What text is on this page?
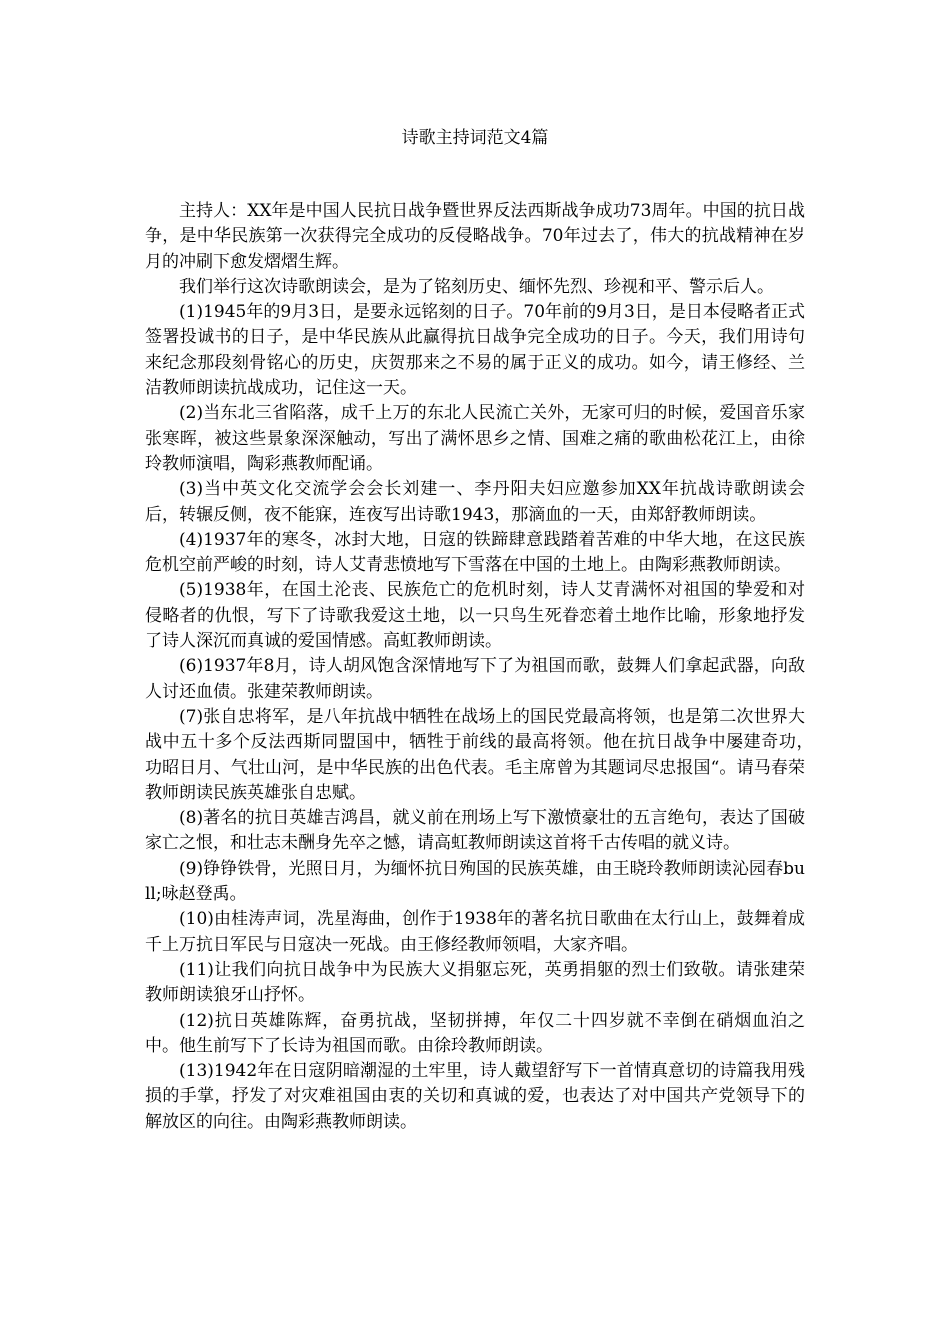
诗歌主持词范文4篇

主持人：XX年是中国人民抗日战争暨世界反法西斯战争成功73周年。中国的抗日战争，是中华民族第一次获得完全成功的反侵略战争。70年过去了，伟大的抗战精神在岁月的冲刷下愈发熠熠生辉。

我们举行这次诗歌朗读会，是为了铭刻历史、缅怀先烈、珍视和平、警示后人。

(1)1945年的9月3日，是要永远铭刻的日子。70年前的9月3日，是日本侵略者正式签署投诚书的日子，是中华民族从此赢得抗日战争完全成功的日子。今天，我们用诗句来纪念那段刻骨铭心的历史，庆贺那来之不易的属于正义的成功。如今，请王修经、兰洁教师朗读抗战成功，记住这一天。

(2)当东北三省陷落，成千上万的东北人民流亡关外，无家可归的时候，爱国音乐家张寒晖，被这些景象深深触动，写出了满怀思乡之情、国难之痛的歌曲松花江上，由徐玲教师演唱，陶彩燕教师配诵。

(3)当中英文化交流学会会长刘建一、李丹阳夫妇应邀参加XX年抗战诗歌朗读会后，转辗反侧，夜不能寐，连夜写出诗歌1943，那滴血的一天，由郑舒教师朗读。

(4)1937年的寒冬，冰封大地，日寇的铁蹄肆意践踏着苦难的中华大地，在这民族危机空前严峻的时刻，诗人艾青悲愤地写下雪落在中国的土地上。由陶彩燕教师朗读。

(5)1938年，在国土沦丧、民族危亡的危机时刻，诗人艾青满怀对祖国的挚爱和对侵略者的仇恨，写下了诗歌我爱这土地，以一只鸟生死眷恋着土地作比喻，形象地抒发了诗人深沉而真诚的爱国情感。高虹教师朗读。

(6)1937年8月，诗人胡风饱含深情地写下了为祖国而歌，鼓舞人们拿起武器，向敌人讨还血债。张建荣教师朗读。

(7)张自忠将军，是八年抗战中牺牲在战场上的国民党最高将领，也是第二次世界大战中五十多个反法西斯同盟国中，牺牲于前线的最高将领。他在抗日战争中屡建奇功，　功昭日月、气壮山河，是中华民族的出色代表。毛主席曾为其题词尽忠报国“。请马春荣教师朗读民族英雄张自忠赋。

(8)著名的抗日英雄吉鸿昌，就义前在刑场上写下激愤豪壮的五言绝句，表达了国破家亡之恨，和壮志未酬身先卒之憾，请高虹教师朗读这首将千古传唱的就义诗。

(9)铮铮铁骨，光照日月，为缅怀抗日殉国的民族英雄，由王晓玲教师朗读沁园春bull;咏赵登禹。

(10)由桂涛声词，冼星海曲，创作于1938年的著名抗日歌曲在太行山上，鼓舞着成千上万抗日军民与日寇决一死战。由王修经教师领唱，大家齐唱。

(11)让我们向抗日战争中为民族大义捐躯忘死，英勇捐躯的烈士们致敬。请张建荣教师朗读狼牙山抒怀。

(12)抗日英雄陈辉，奋勇抗战，坚韧拼搏，年仅二十四岁就不幸倒在硝烟血泊之中。他生前写下了长诗为祖国而歌。由徐玲教师朗读。

(13)1942年在日寇阴暗潮湿的土牢里，诗人戴望舒写下一首情真意切的诗篇我用残损的手掌，抒发了对灾难祖国由衷的关切和真诚的爱，也表达了对中国共产党领导下的解放区的向往。由陶彩燕教师朗读。
